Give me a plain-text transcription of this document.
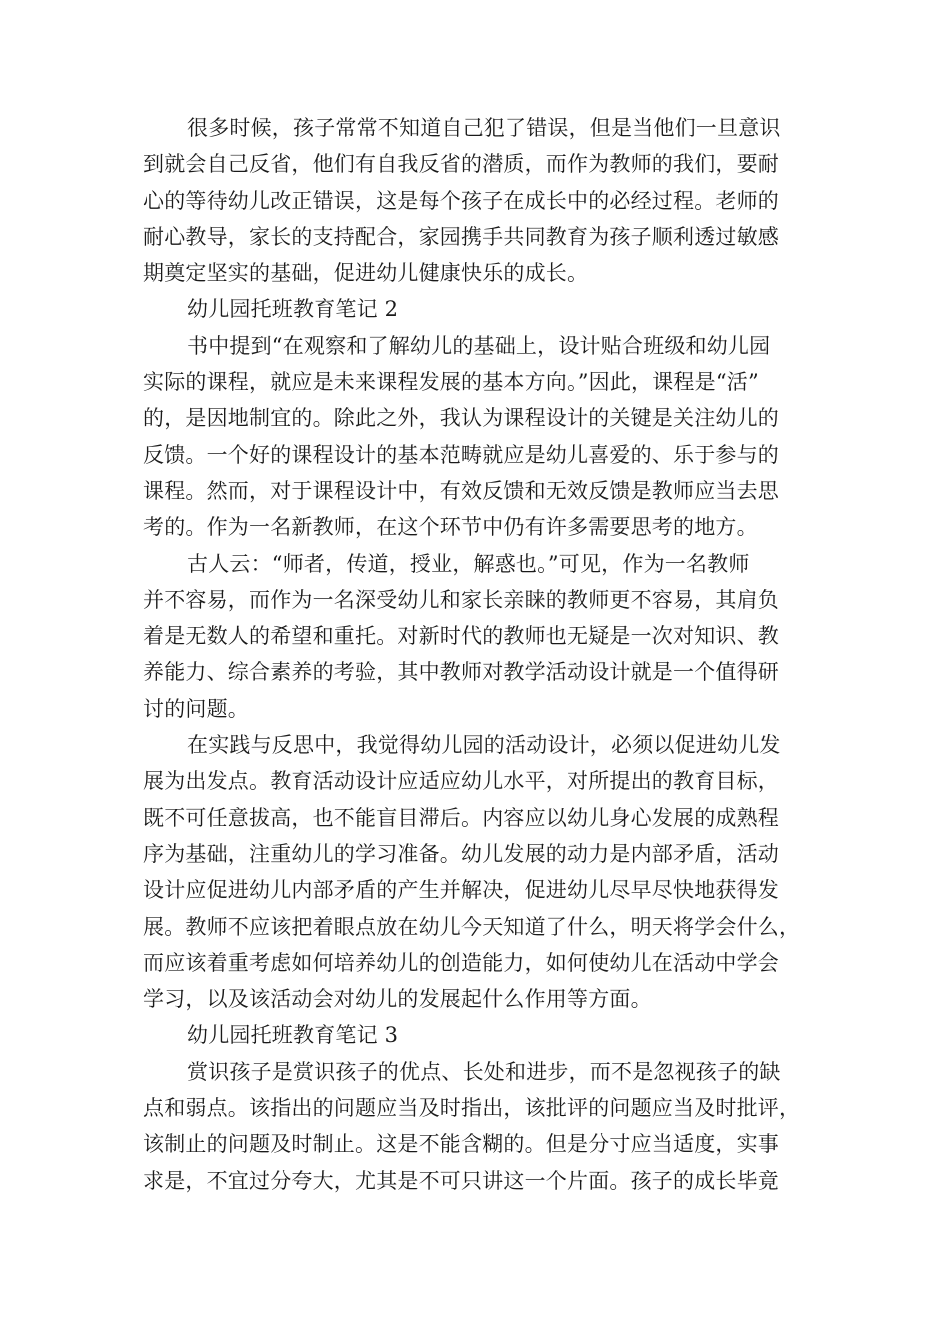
很多时候，孩子常常不知道自己犯了错误，但是当他们一旦意识
到就会自己反省，他们有自我反省的潜质，而作为教师的我们，要耐
心的等待幼儿改正错误，这是每个孩子在成长中的必经过程。老师的
耐心教导，家长的支持配合，家园携手共同教育为孩子顺利透过敏感
期奠定坚实的基础，促进幼儿健康快乐的成长。
幼儿园托班教育笔记 2
书中提到“在观察和了解幼儿的基础上，设计贴合班级和幼儿园
实际的课程，就应是未来课程发展的基本方向。”因此，课程是“活”
的，是因地制宜的。除此之外，我认为课程设计的关键是关注幼儿的
反馈。一个好的课程设计的基本范畴就应是幼儿喜爱的、乐于参与的
课程。然而，对于课程设计中，有效反馈和无效反馈是教师应当去思
考的。作为一名新教师，在这个环节中仍有许多需要思考的地方。
古人云：“师者，传道，授业，解惑也。”可见，作为一名教师
并不容易，而作为一名深受幼儿和家长亲睐的教师更不容易，其肩负
着是无数人的希望和重托。对新时代的教师也无疑是一次对知识、教
养能力、综合素养的考验，其中教师对教学活动设计就是一个值得研
讨的问题。
在实践与反思中，我觉得幼儿园的活动设计，必须以促进幼儿发
展为出发点。教育活动设计应适应幼儿水平，对所提出的教育目标，
既不可任意拔高，也不能盲目滞后。内容应以幼儿身心发展的成熟程
序为基础，注重幼儿的学习准备。幼儿发展的动力是内部矛盾，活动
设计应促进幼儿内部矛盾的产生并解决，促进幼儿尽早尽快地获得发
展。教师不应该把着眼点放在幼儿今天知道了什么，明天将学会什么，
而应该着重考虑如何培养幼儿的创造能力，如何使幼儿在活动中学会
学习，以及该活动会对幼儿的发展起什么作用等方面。
幼儿园托班教育笔记 3
赏识孩子是赏识孩子的优点、长处和进步，而不是忽视孩子的缺
点和弱点。该指出的问题应当及时指出，该批评的问题应当及时批评，
该制止的问题及时制止。这是不能含糊的。但是分寸应当适度，实事
求是，不宜过分夸大，尤其是不可只讲这一个片面。孩子的成长毕竟
